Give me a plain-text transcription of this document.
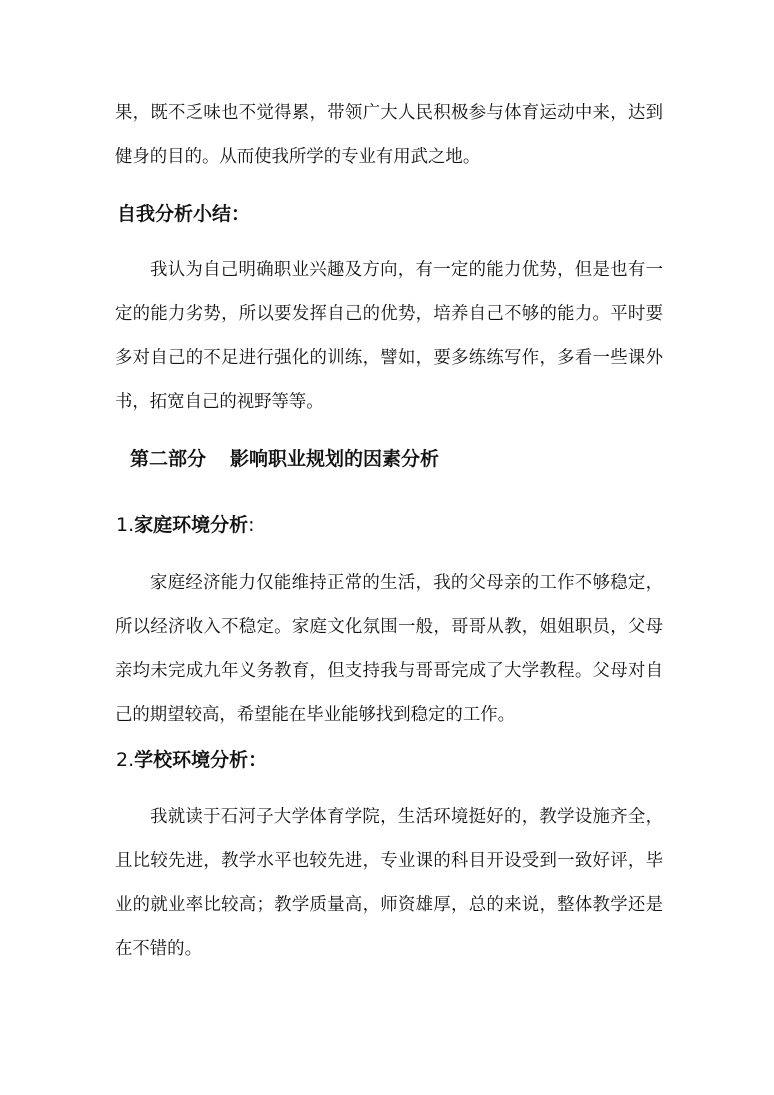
果，既不乏味也不觉得累，带领广大人民积极参与体育运动中来，达到健身的目的。从而使我所学的专业有用武之地。

自我分析小结：

我认为自己明确职业兴趣及方向，有一定的能力优势，但是也有一定的能力劣势，所以要发挥自己的优势，培养自己不够的能力。平时要多对自己的不足进行强化的训练，譬如，要多练练写作，多看一些课外书，拓宽自己的视野等等。

第二部分 影响职业规划的因素分析
1.家庭环境分析:

家庭经济能力仅能维持正常的生活，我的父母亲的工作不够稳定，所以经济收入不稳定。家庭文化氛围一般，哥哥从教，姐姐职员，父母亲均未完成九年义务教育，但支持我与哥哥完成了大学教程。父母对自己的期望较高，希望能在毕业能够找到稳定的工作。

2.学校环境分析：

我就读于石河子大学体育学院，生活环境挺好的，教学设施齐全，且比较先进，教学水平也较先进，专业课的科目开设受到一致好评，毕业的就业率比较高；教学质量高，师资雄厚，总的来说，整体教学还是在不错的。
